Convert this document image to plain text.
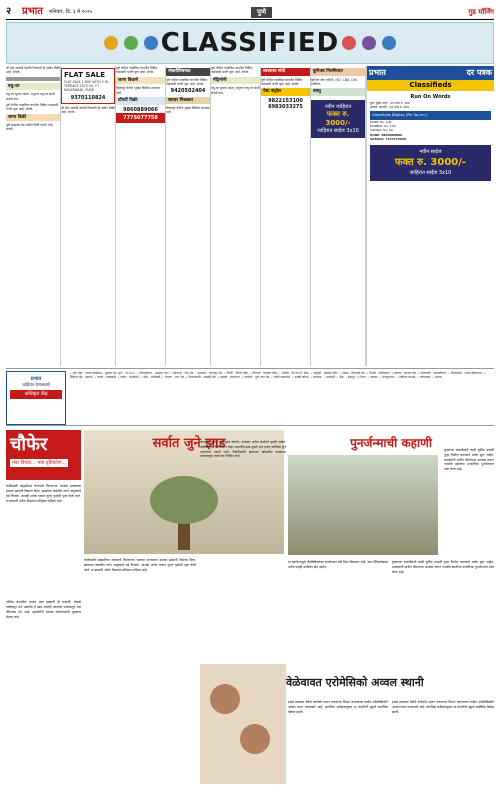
२	प्रभात शनिवार, दि. ३ मे २०२५	पुणे	गुड मॉर्निंग
CLASSIFIED

श्री क्षेत्र आळंदी देवाचि ठिकाणी ही जमीन विक्री आहे. संपर्क.

वधु-वर

वधु-वर सूचक मंडळ, अनुरूप वधु-वर साठी संपर्क करा.

पुणे येथील नामांकित कंपनीत विविध पदांसाठी भरती सुरू आहे. संपर्क.

जागा विक्री

पुणे सासवड रोड जमीन विक्री करणे आहे. संपर्क.

FLAT SALE

FLAT SALE 1 BHK WITH 2 W. TERRACE 1675 SQ. FT. KASARWADI, PUNE.

9370110824

श्री क्षेत्र आळंदी देवाचि ठिकाणी ही जमीन विक्री आहे. संपर्क.

पुणे येथील नामांकित कंपनीत विविध पदांसाठी भरती सुरू आहे. संपर्क.

जागा विकणे

शिक्रापूर येथील भूखंड विक्रीस उपलब्ध आहे.

प्रॉपर्टी विक्री
9860889066
7775077758
नोकरीविषयक

पुणे येथील नामांकित कंपनीत विविध पदांसाठी भरती सुरू आहे. संपर्क.

9420502404
स्थावर मिळकत

शिक्रापूर येथील भूखंड विक्रीस उपलब्ध आहे.

पुणे येथील नामांकित कंपनीत विविध पदांसाठी भरती सुरू आहे. संपर्क.

मॅट्रिमोनी

वधु-वर सूचक मंडळ, अनुरूप वधु-वर साठी संपर्क करा.

व्यवसाय संधी

पुणे येथील नामांकित कंपनीत विविध पदांसाठी भरती सुरू आहे. संपर्क.

पेस्ट कंट्रोल
9822153100
8983033275
कुरिअर नियमितता

कुरिअर बॉय पाहिजे. MD, CNB. DHL हजेरीवर.

वास्तु
नवीन जाहिरात
फक्त रु. 3000/-
जाहिरात साईज 3x10
प्रभात	दर पत्रक
Classifieds
Run On Words
पुणे, मुंबई, ठाणे : 25 शब्द रु. 300
सातारा, सांगली : 25 शब्द रु. 200
Classifieds Display (Per Sq.cm.)
PUNE: Rs. 100
MUMBAI: Rs. 150
SATARA: Rs. 60
PUNE: 8805889890
SATARA: 7767272999
नवीन साईज
फक्त रु. 3000/-
जाहिरात साईज 3x10
प्रभात
जाहिरात देण्यासाठी
अधिकृत केंद्र
• पुणे शहर : प्रभात कार्यालय - बुधवार पेठ, पुणे - ४११००२. • शिवाजीनगर : सहकार नगर. • कोथरुड : पौड रोड. • हडपसर : सोलापूर रोड. • पिंपरी : पिंपरी चौक. • चिंचवड : चापेकर चौक. • भोसरी : पी.एम.टी. चौक. • आकुर्डी : खंडोबा मंदिर. • वाकड : हिंजवडी रोड. • निगडी : प्राधिकरण. • कात्रज : सातारा रोड. • धनकवडी : बालाजीनगर. • बिबवेवाडी : अप्पर इंदिरानगर. • सिंहगड रोड : वडगाव. • वारजे : माळवाडी. • बाणेर : बालेवाडी. • औंध : सानेवाडी. • येरवडा : नगर रोड. • विश्रांतवाडी : आळंदी रोड. • खराडी : चंदननगर. • वाघोली : पुणे नगर रोड. • लोणी काळभोर. • उरुळी कांचन. • सासवड. • बारामती. • दौंड. • इंदापूर. • शिरूर. • चाकण. • राजगुरुनगर. • तळेगाव दाभाडे. • लोणावळा. • मावळ.
चौफेर
नवा विचार... नवा दृष्टिकोण...
कधीकाळी सह्याद्रीच्या रांगांमध्ये फिरणाऱ्या भटक्या माणसाला इथल्या झाडांनी विसावा दिला. झाडांच्या सावलीत त्याने आयुष्याचे धडे गिरवले. आजही अनेक गावांत जुन्या वृक्षांची पूजा केली जाते. या झाडांनी अनेक पिढ्यांचा इतिहास पाहिला आहे.
पश्चिम घाटातील अशाच एका झाडाची ही कहाणी. शेकडो वर्षांपासून उभे असलेले हे झाड आजही आपल्या फांद्यांमधून नवा जीवनरस देत आहे. वृक्षप्रेमींनी त्याच्या संवर्धनासाठी पुढाकार घेतला आहे.
सर्वात जुने झाड
कधीकाळी सह्याद्रीच्या रांगांमध्ये फिरणाऱ्या भटक्या माणसाला इथल्या झाडांनी विसावा दिला. झाडांच्या सावलीत त्याने आयुष्याचे धडे गिरवले. आजही अनेक गावांत जुन्या वृक्षांची पूजा केली जाते. या झाडांनी अनेक पिढ्यांचा इतिहास पाहिला आहे.
जगातील सर्वात जुने झाड कोणते, याबाबत अनेक संशोधने झाली आहेत. अमेरिकेतील ब्रिसलकोन पाइन प्रजातीचे झाड सुमारे पाच हजार वर्षांपेक्षा जुने असल्याचे मानले जाते. वैज्ञानिकांनी झाडाच्या खोडातील वलयांच्या अभ्यासातून त्याचे वय निश्चित केले.
पुनर्जन्माची कहाणी	कुत्र्यांच्या प्रजातीमध्ये काही दुर्मीळ प्रजाती पुन्हा निर्माण करण्याचे प्रयोग सुरू आहेत. शास्त्रज्ञांनी प्राचीन डीएनएचा अभ्यास करून नामशेष झालेल्या प्रजातींच्या पुनर्जन्माचा दावा केला आहे.
या संशोधनामुळे जैवविविधतेच्या संवर्धनाला नवी दिशा मिळणार आहे. मात्र नैतिकतेबाबत अनेक प्रश्नही उपस्थित होत आहेत.
कुत्र्यांच्या प्रजातीमध्ये काही दुर्मीळ प्रजाती पुन्हा निर्माण करण्याचे प्रयोग सुरू आहेत. शास्त्रज्ञांनी प्राचीन डीएनएचा अभ्यास करून नामशेष झालेल्या प्रजातींच्या पुनर्जन्माचा दावा केला आहे.
वेळेवावत एरोमेसिको अव्वल स्थानी
हवाई प्रवासात वेळेचे काटेकोर पालन करणाऱ्या विमान कंपन्यांच्या यादीत एरोमेक्सिकोने अव्वल स्थान पटकावले आहे. जागतिक सर्वेक्षणानुसार या कंपनीची उड्डाणे सर्वाधिक वेळेवर झाली.
हवाई प्रवासात वेळेचे काटेकोर पालन करणाऱ्या विमान कंपन्यांच्या यादीत एरोमेक्सिकोने अव्वल स्थान पटकावले आहे. जागतिक सर्वेक्षणानुसार या कंपनीची उड्डाणे सर्वाधिक वेळेवर झाली.
